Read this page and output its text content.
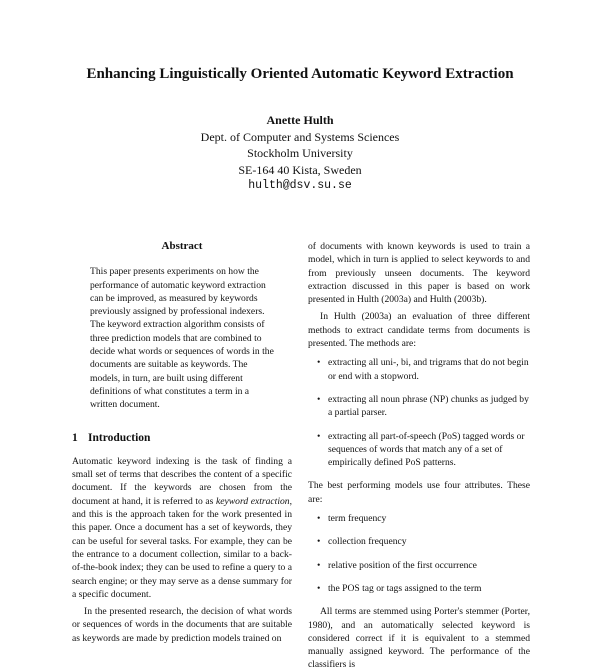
Enhancing Linguistically Oriented Automatic Keyword Extraction
Anette Hulth
Dept. of Computer and Systems Sciences
Stockholm University
SE-164 40 Kista, Sweden
hulth@dsv.su.se
Abstract

This paper presents experiments on how the performance of automatic keyword extraction can be improved, as measured by keywords previously assigned by professional indexers. The keyword extraction algorithm consists of three prediction models that are combined to decide what words or sequences of words in the documents are suitable as keywords. The models, in turn, are built using different definitions of what constitutes a term in a written document.

1 Introduction

Automatic keyword indexing is the task of finding a small set of terms that describes the content of a specific document. If the keywords are chosen from the document at hand, it is referred to as keyword extraction, and this is the approach taken for the work presented in this paper. Once a document has a set of keywords, they can be useful for several tasks. For example, they can be the entrance to a document collection, similar to a back-of-the-book index; they can be used to refine a query to a search engine; or they may serve as a dense summary for a specific document.

In the presented research, the decision of what words or sequences of words in the documents that are suitable as keywords are made by prediction models trained on

of documents with known keywords is used to train a model, which in turn is applied to select keywords to and from previously unseen documents. The keyword extraction discussed in this paper is based on work presented in Hulth (2003a) and Hulth (2003b).

In Hulth (2003a) an evaluation of three different methods to extract candidate terms from documents is presented. The methods are:

• extracting all uni-, bi, and trigrams that do not begin or end with a stopword.
• extracting all noun phrase (NP) chunks as judged by a partial parser.
• extracting all part-of-speech (PoS) tagged words or sequences of words that match any of a set of empirically defined PoS patterns.

The best performing models use four attributes. These are:

• term frequency
• collection frequency
• relative position of the first occurrence
• the POS tag or tags assigned to the term

All terms are stemmed using Porter's stemmer (Porter, 1980), and an automatically selected keyword is considered correct if it is equivalent to a stemmed manually assigned keyword. The performance of the classifiers is
